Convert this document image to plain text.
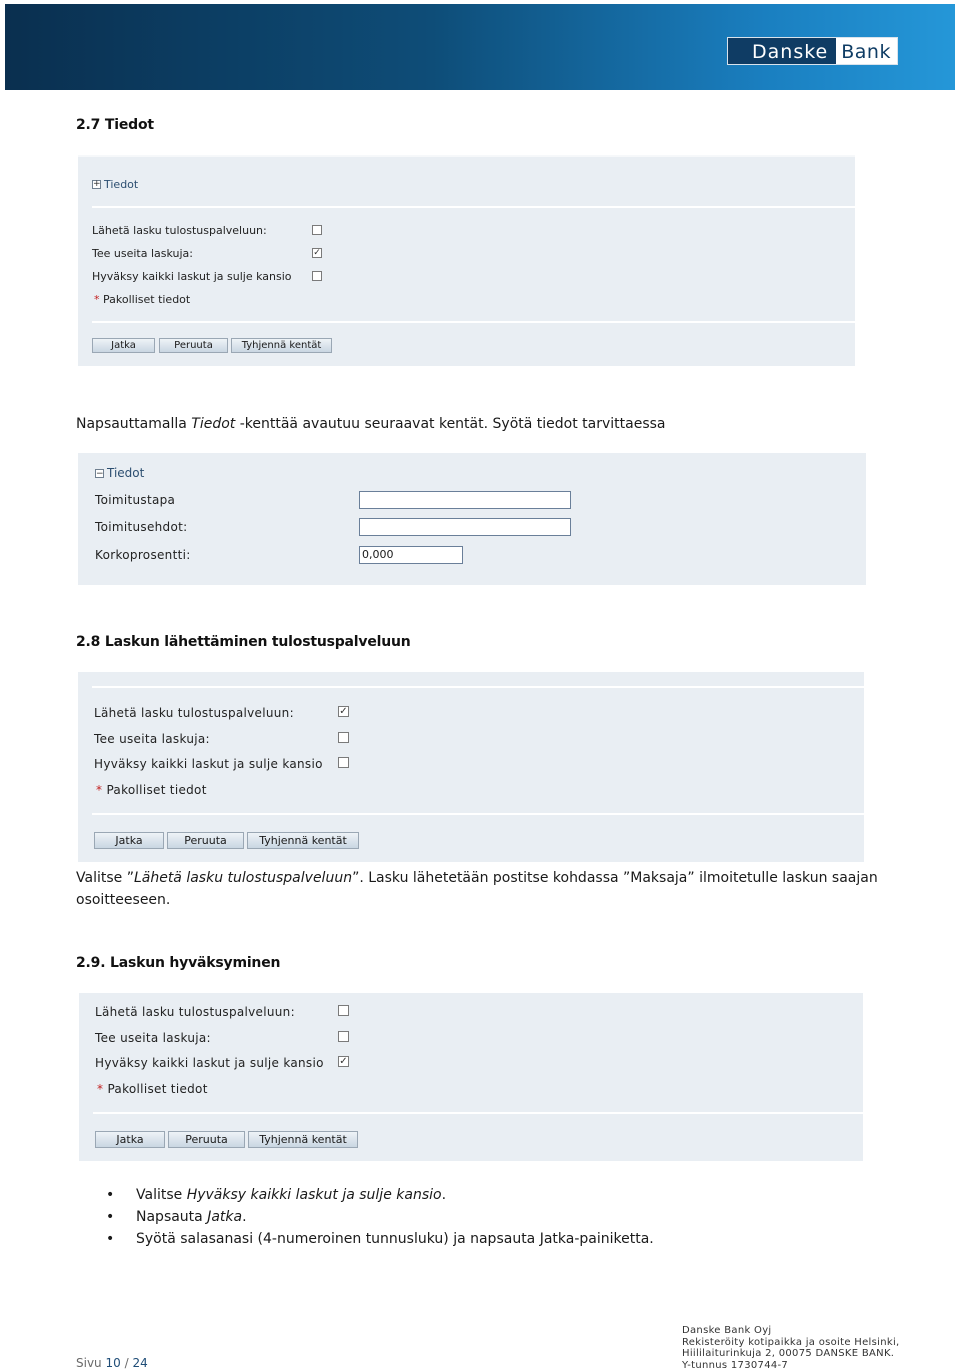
Danske Bank
2.7 Tiedot
+ Tiedot
Lähetä lasku tulostuspalveluun:
Tee useita laskuja:	✓
Hyväksy kaikki laskut ja sulje kansio
* Pakolliset tiedot
Jatka	Peruuta	Tyhjennä kentät
Napsauttamalla Tiedot -kenttää avautuu seuraavat kentät. Syötä tiedot tarvittaessa
− Tiedot
Toimitustapa
Toimitusehdot:
Korkoprosentti:	0,000
2.8 Laskun lähettäminen tulostuspalveluun
Lähetä lasku tulostuspalveluun:	✓
Tee useita laskuja:
Hyväksy kaikki laskut ja sulje kansio
* Pakolliset tiedot
Jatka	Peruuta	Tyhjennä kentät
Valitse ”Lähetä lasku tulostuspalveluun”. Lasku lähetetään postitse kohdassa ”Maksaja” ilmoitetulle laskun saajan
osoitteeseen.
2.9. Laskun hyväksyminen
Lähetä lasku tulostuspalveluun:
Tee useita laskuja:
Hyväksy kaikki laskut ja sulje kansio ✓
* Pakolliset tiedot
Jatka	Peruuta	Tyhjennä kentät
• Valitse Hyväksy kaikki laskut ja sulje kansio.
• Napsauta Jatka.
• Syötä salasanasi (4-numeroinen tunnusluku) ja napsauta Jatka-painiketta.
Sivu 10 / 24
Danske Bank Oyj
Rekisteröity kotipaikka ja osoite Helsinki,
Hiililaiturinkuja 2, 00075 DANSKE BANK.
Y-tunnus 1730744-7
